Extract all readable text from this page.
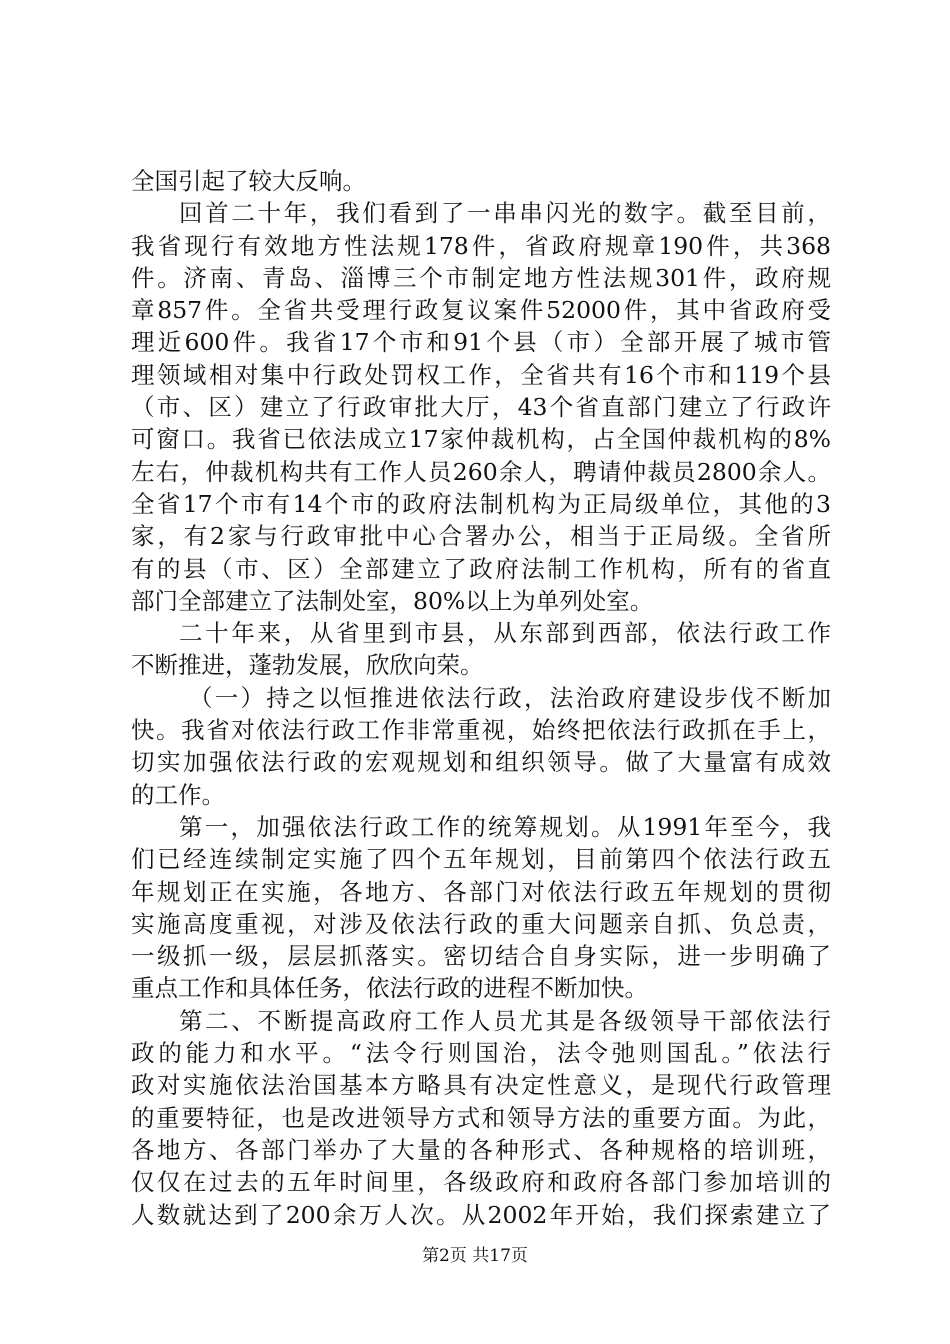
全国引起了较大反响。
回首二十年，我们看到了一串串闪光的数字。截至目前，
我省现行有效地方性法规178件，省政府规章190件，共368
件。济南、青岛、淄博三个市制定地方性法规301件，政府规
章857件。全省共受理行政复议案件52000件，其中省政府受
理近600件。我省17个市和91个县（市）全部开展了城市管
理领域相对集中行政处罚权工作，全省共有16个市和119个县
（市、区）建立了行政审批大厅，43个省直部门建立了行政许
可窗口。我省已依法成立17家仲裁机构，占全国仲裁机构的8%
左右，仲裁机构共有工作人员260余人，聘请仲裁员2800余人。
全省17个市有14个市的政府法制机构为正局级单位，其他的3
家，有2家与行政审批中心合署办公，相当于正局级。全省所
有的县（市、区）全部建立了政府法制工作机构，所有的省直
部门全部建立了法制处室，80%以上为单列处室。
二十年来，从省里到市县，从东部到西部，依法行政工作
不断推进，蓬勃发展，欣欣向荣。
（一）持之以恒推进依法行政，法治政府建设步伐不断加
快。我省对依法行政工作非常重视，始终把依法行政抓在手上，
切实加强依法行政的宏观规划和组织领导。做了大量富有成效
的工作。
第一，加强依法行政工作的统筹规划。从1991年至今，我
们已经连续制定实施了四个五年规划，目前第四个依法行政五
年规划正在实施，各地方、各部门对依法行政五年规划的贯彻
实施高度重视，对涉及依法行政的重大问题亲自抓、负总责，
一级抓一级，层层抓落实。密切结合自身实际，进一步明确了
重点工作和具体任务，依法行政的进程不断加快。
第二、不断提高政府工作人员尤其是各级领导干部依法行
政的能力和水平。“法令行则国治，法令弛则国乱。”依法行
政对实施依法治国基本方略具有决定性意义，是现代行政管理
的重要特征，也是改进领导方式和领导方法的重要方面。为此，
各地方、各部门举办了大量的各种形式、各种规格的培训班，
仅仅在过去的五年时间里，各级政府和政府各部门参加培训的
人数就达到了200余万人次。从2002年开始，我们探索建立了
第2页 共17页
